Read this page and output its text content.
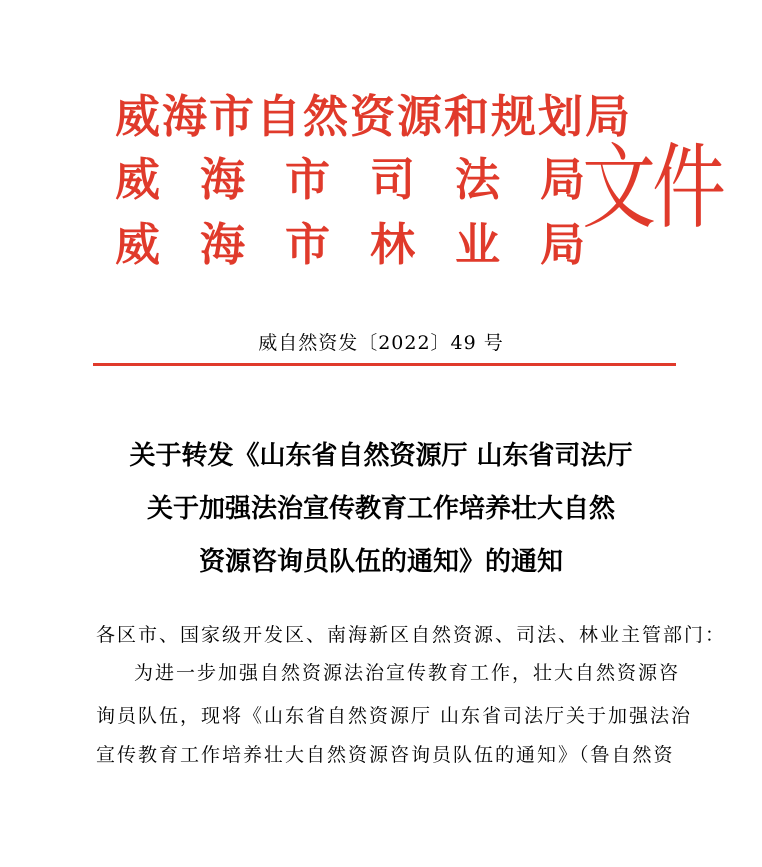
威海市自然资源和规划局
威海市司法局
威海市林业局
文件
威自然资发〔2022〕49 号
关于转发《山东省自然资源厅 山东省司法厅
关于加强法治宣传教育工作培养壮大自然
资源咨询员队伍的通知》的通知
各区市、国家级开发区、南海新区自然资源、司法、林业主管部门：
为进一步加强自然资源法治宣传教育工作，壮大自然资源咨
询员队伍，现将《山东省自然资源厅 山东省司法厅关于加强法治
宣传教育工作培养壮大自然资源咨询员队伍的通知》（鲁自然资
